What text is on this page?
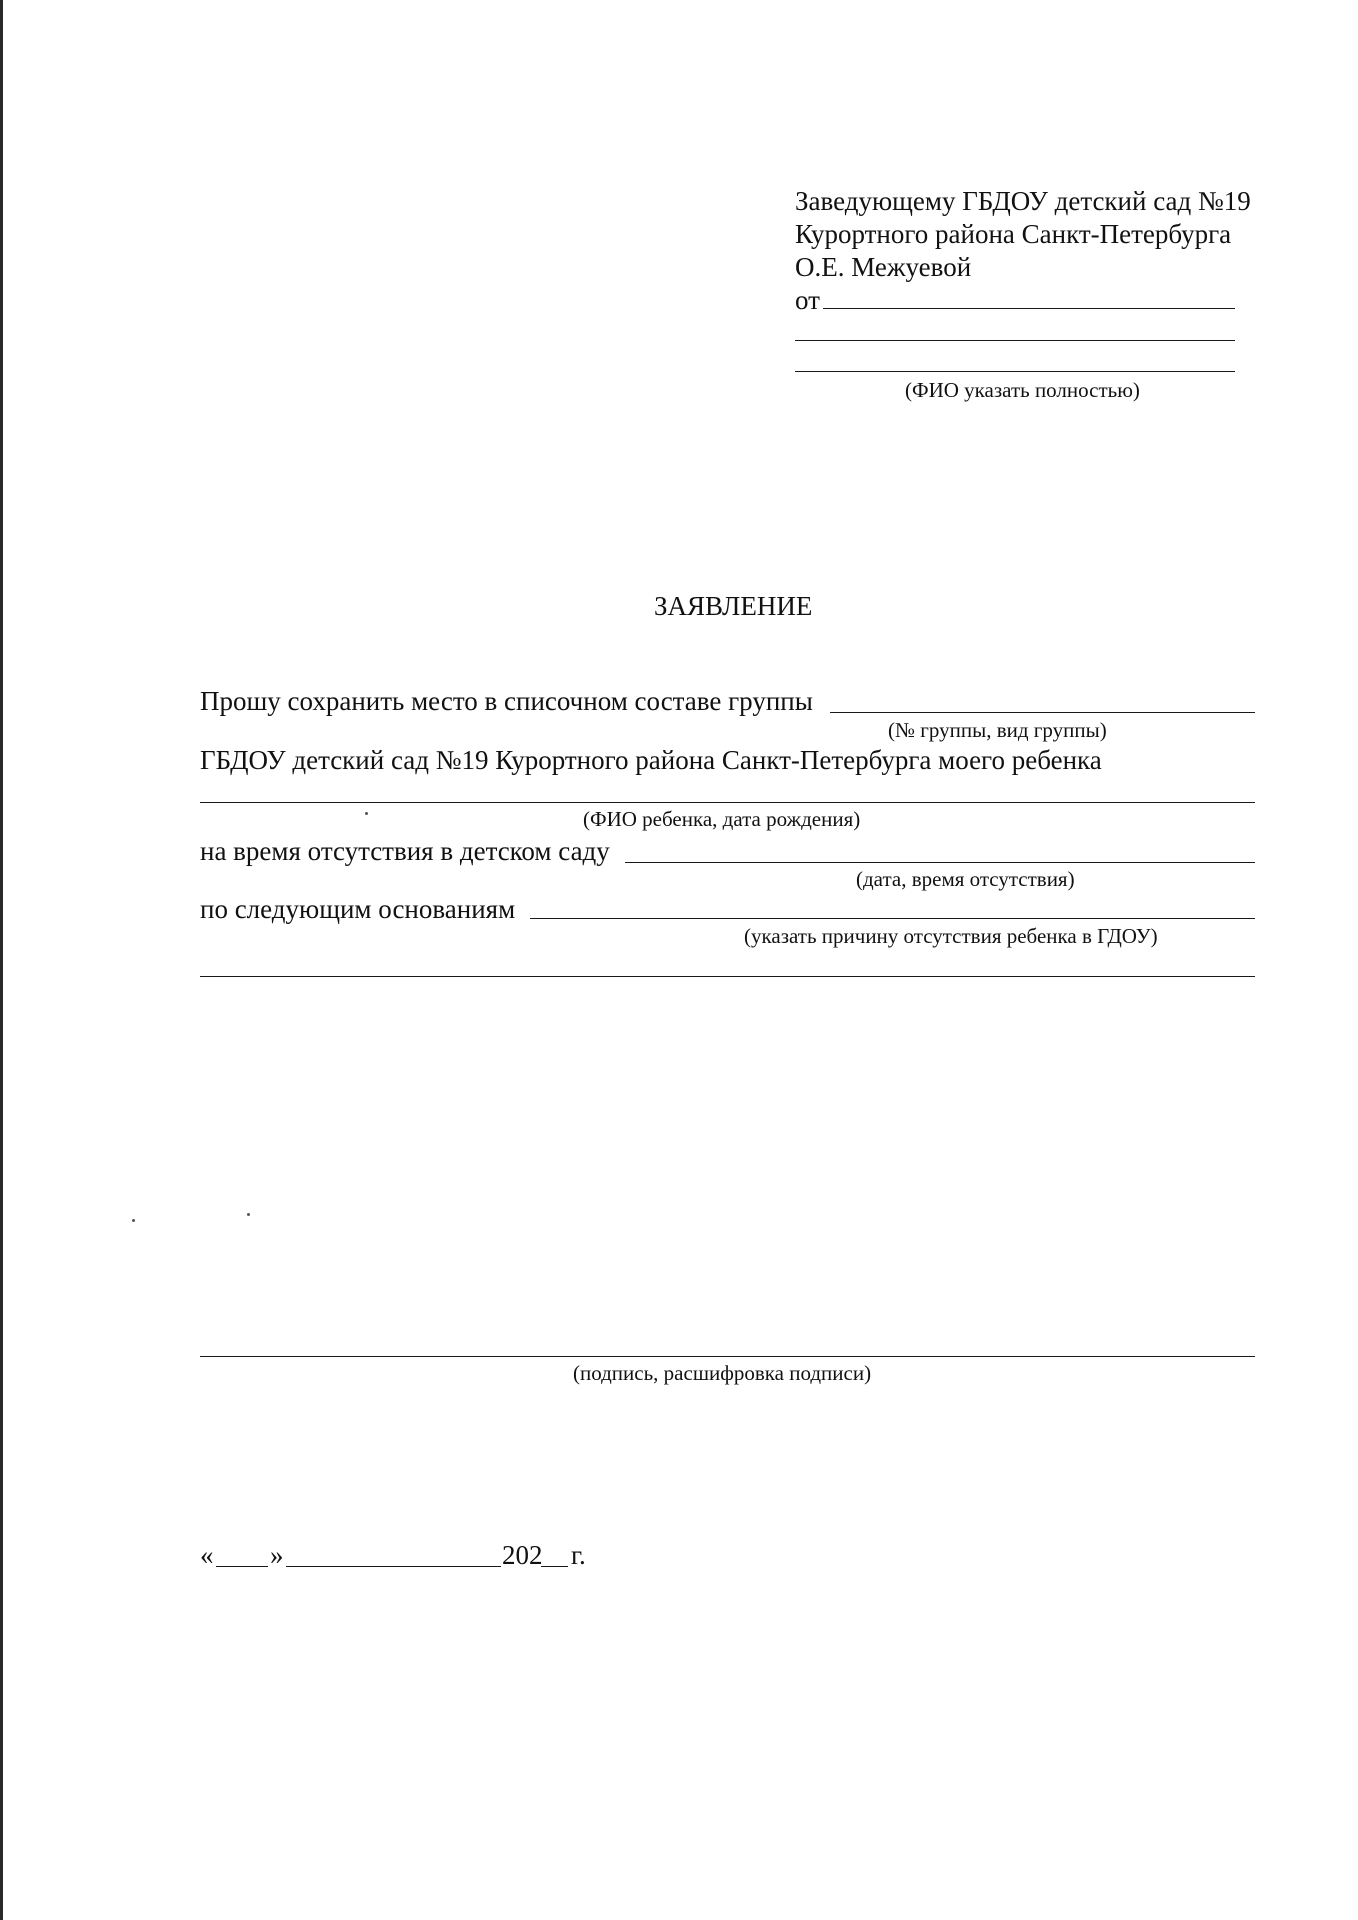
Заведующему ГБДОУ детский сад №19
Курортного района Санкт-Петербурга
О.Е. Межуевой
от
(ФИО указать полностью)
ЗАЯВЛЕНИЕ
Прошу сохранить место в списочном составе группы
(№ группы, вид группы)
ГБДОУ детский сад №19 Курортного района Санкт-Петербурга моего ребенка
(ФИО ребенка, дата рождения)
на время отсутствия в детском саду
(дата, время отсутствия)
по следующим основаниям
(указать причину отсутствия ребенка в ГДОУ)
(подпись, расшифровка подписи)
« »	202 г.
